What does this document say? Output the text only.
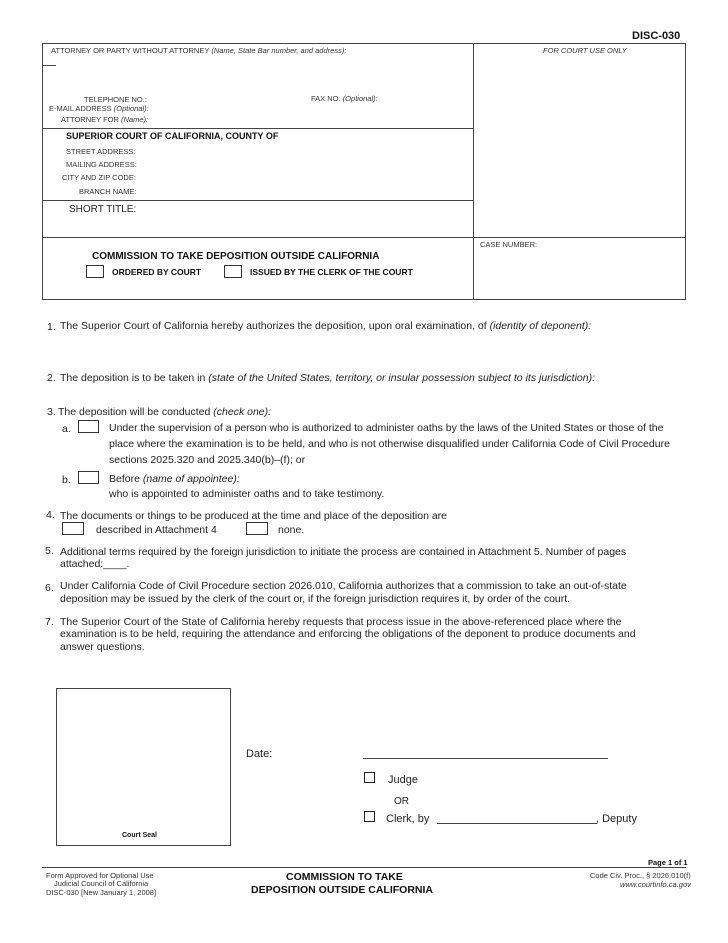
DISC-030
ATTORNEY OR PARTY WITHOUT ATTORNEY (Name, State Bar number, and address):	FOR COURT USE ONLY
TELEPHONE NO.:	FAX NO. (Optional):
E-MAIL ADDRESS (Optional):
ATTORNEY FOR (Name):
SUPERIOR COURT OF CALIFORNIA, COUNTY OF
STREET ADDRESS:
MAILING ADDRESS:
CITY AND ZIP CODE:
BRANCH NAME:
SHORT TITLE:
COMMISSION TO TAKE DEPOSITION OUTSIDE CALIFORNIA
ORDERED BY COURT	ISSUED BY THE CLERK OF THE COURT
CASE NUMBER:
1. The Superior Court of California hereby authorizes the deposition, upon oral examination, of (identity of deponent):
2. The deposition is to be taken in (state of the United States, territory, or insular possession subject to its jurisdiction):
3. The deposition will be conducted (check one):
a.	Under the supervision of a person who is authorized to administer oaths by the laws of the United States or those of the
place where the examination is to be held, and who is not otherwise disqualified under California Code of Civil Procedure
sections 2025.320 and 2025.340(b)–(f); or
b.	Before (name of appointee):
who is appointed to administer oaths and to take testimony.
4. The documents or things to be produced at the time and place of the deposition are
described in Attachment 4	none.
5. Additional terms required by the foreign jurisdiction to initiate the process are contained in Attachment 5. Number of pages
attached:____.
6. Under California Code of Civil Procedure section 2026.010, California authorizes that a commission to take an out-of-state
deposition may be issued by the clerk of the court or, if the foreign jurisdiction requires it, by order of the court.
7. The Superior Court of the State of California hereby requests that process issue in the above-referenced place where the
examination is to be held, requiring the attendance and enforcing the obligations of the deponent to produce documents and
answer questions.
Court Seal
Date:
Judge
OR
Clerk, by	, Deputy
Page 1 of 1
Form Approved for Optional Use
Judicial Council of California
DISC-030 [New January 1, 2008]
COMMISSION TO TAKE
DEPOSITION OUTSIDE CALIFORNIA
Code Civ. Proc., § 2026.010(f)
www.courtinfo.ca.gov
